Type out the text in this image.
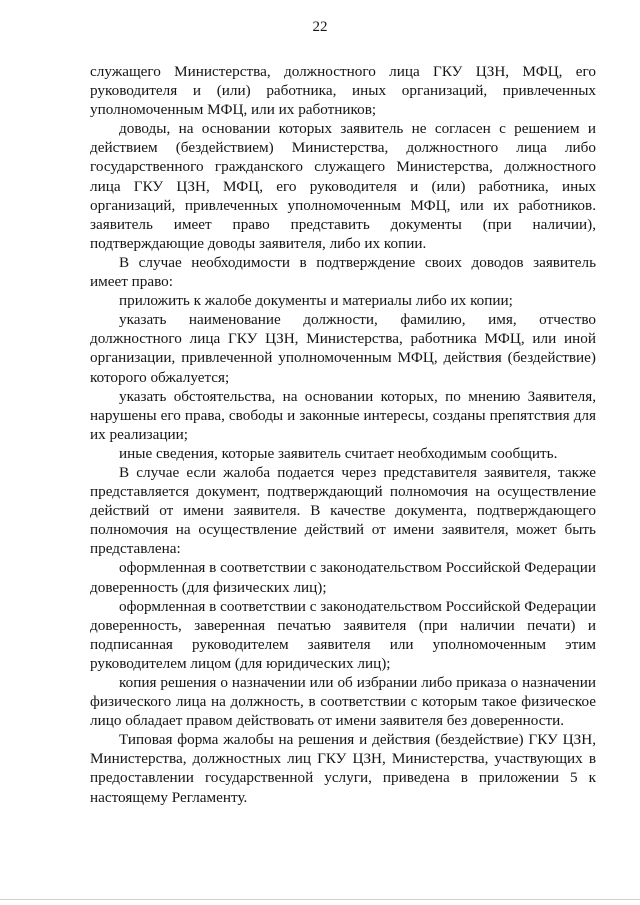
22

служащего Министерства, должностного лица ГКУ ЦЗН, МФЦ, его руководителя и (или) работника, иных организаций, привлеченных уполномоченным МФЦ, или их работников;

доводы, на основании которых заявитель не согласен с решением и действием (бездействием) Министерства, должностного лица либо государственного гражданского служащего Министерства, должностного лица ГКУ ЦЗН, МФЦ, его руководителя и (или) работника, иных организаций, привлеченных уполномоченным МФЦ, или их работников. заявитель имеет право представить документы (при наличии), подтверждающие доводы заявителя, либо их копии.

В случае необходимости в подтверждение своих доводов заявитель имеет право:

приложить к жалобе документы и материалы либо их копии;

указать наименование должности, фамилию, имя, отчество должностного лица ГКУ ЦЗН, Министерства, работника МФЦ, или иной организации, привлеченной уполномоченным МФЦ, действия (бездействие) которого обжалуется;

указать обстоятельства, на основании которых, по мнению Заявителя, нарушены его права, свободы и законные интересы, созданы препятствия для их реализации;

иные сведения, которые заявитель считает необходимым сообщить.

В случае если жалоба подается через представителя заявителя, также представляется документ, подтверждающий полномочия на осуществление действий от имени заявителя. В качестве документа, подтверждающего полномочия на осуществление действий от имени заявителя, может быть представлена:

оформленная в соответствии с законодательством Российской Федерации доверенность (для физических лиц);

оформленная в соответствии с законодательством Российской Федерации доверенность, заверенная печатью заявителя (при наличии печати) и подписанная руководителем заявителя или уполномоченным этим руководителем лицом (для юридических лиц);

копия решения о назначении или об избрании либо приказа о назначении физического лица на должность, в соответствии с которым такое физическое лицо обладает правом действовать от имени заявителя без доверенности.

Типовая форма жалобы на решения и действия (бездействие) ГКУ ЦЗН, Министерства, должностных лиц ГКУ ЦЗН, Министерства, участвующих в предоставлении государственной услуги, приведена в приложении 5 к настоящему Регламенту.
